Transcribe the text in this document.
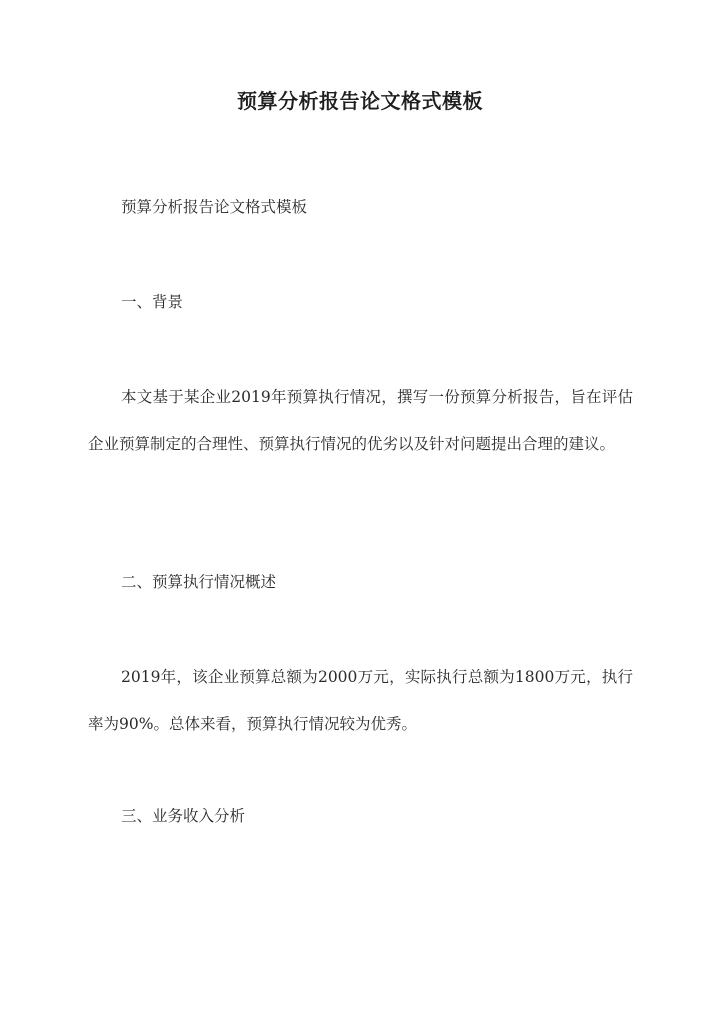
预算分析报告论文格式模板
预算分析报告论文格式模板
一、背景
本文基于某企业2019年预算执行情况，撰写一份预算分析报告，旨在评估企业预算制定的合理性、预算执行情况的优劣以及针对问题提出合理的建议。
二、预算执行情况概述
2019年，该企业预算总额为2000万元，实际执行总额为1800万元，执行率为90%。总体来看，预算执行情况较为优秀。
三、业务收入分析
